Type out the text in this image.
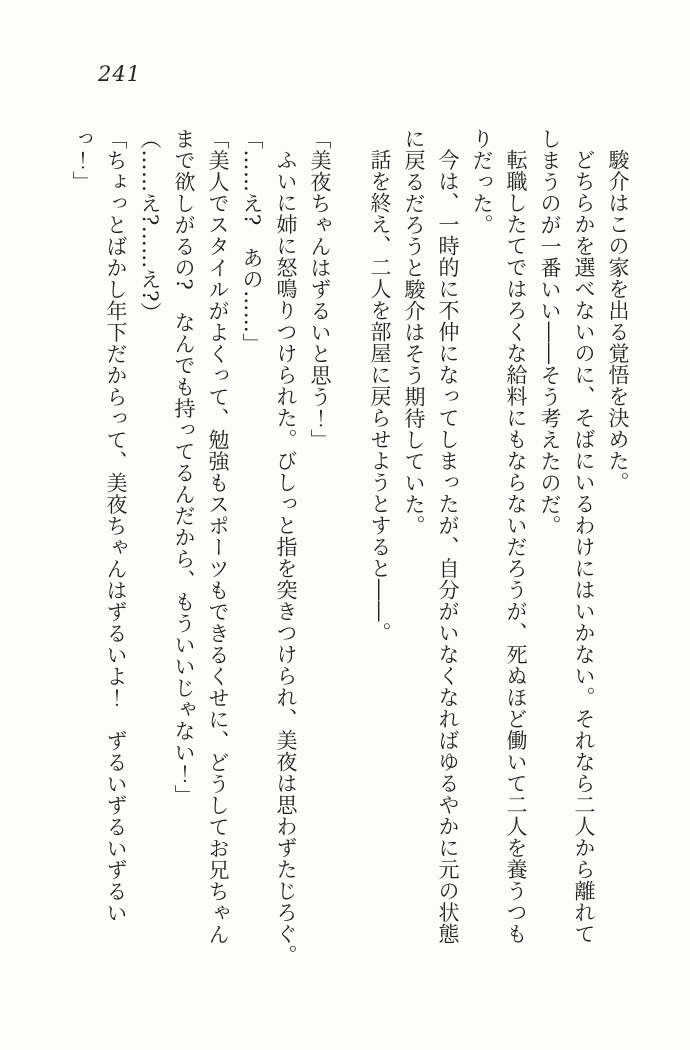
241

駿介はこの家を出る覚悟を決めた。

どちらかを選べないのに、そばにいるわけにはいかない。それなら二人から離れて

しまうのが一番いい――そう考えたのだ。

転職したてではろくな給料にもならないだろうが、死ぬほど働いて二人を養うつも

りだった。

今は、一時的に不仲になってしまったが、自分がいなくなればゆるやかに元の状態

に戻るだろうと駿介はそう期待していた。

話を終え、二人を部屋に戻らせようとすると――。

「美夜ちゃんはずるいと思う！」

ふいに姉に怒鳴りつけられた。びしっと指を突きつけられ、美夜は思わずたじろぐ。

「……え?　あの……」

「美人でスタイルがよくって、勉強もスポーツもできるくせに、どうしてお兄ちゃん

まで欲しがるの?　なんでも持ってるんだから、もういいじゃない！」

（……え?……え?）

「ちょっとばかし年下だからって、美夜ちゃんはずるいよ！　ずるいずるいずるい

っ！」
